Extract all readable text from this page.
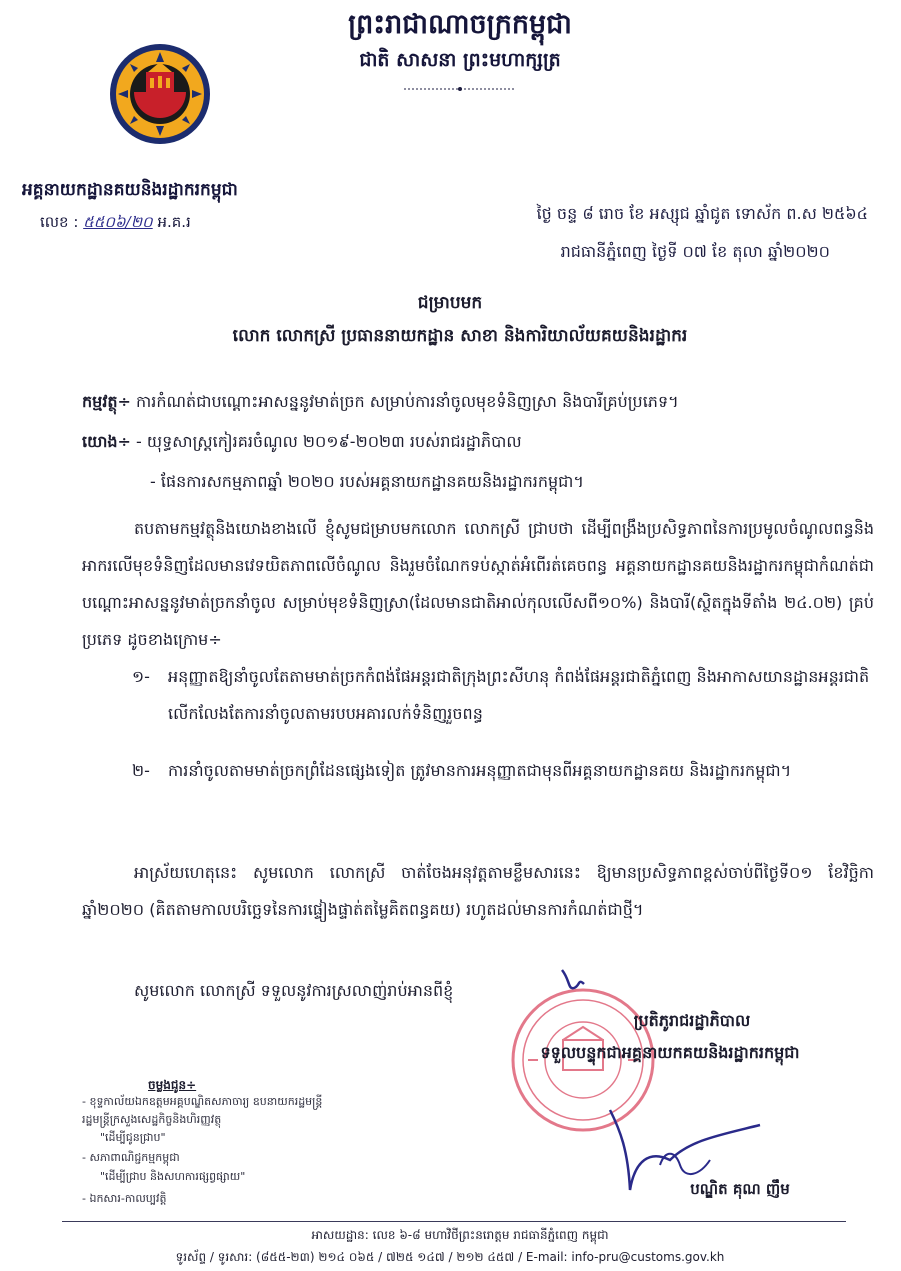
ព្រះរាជាណាចក្រកម្ពុជា
ជាតិ សាសនា ព្រះមហាក្សត្រ
អគ្គនាយកដ្ឋានគយនិងរដ្ឋាករកម្ពុជា
លេខ : ៥៥០៦/២០ អ.គ.រ	ថ្ងៃ ចន្ទ ៨ រោច ខែ អស្សុជ ឆ្នាំជូត ទោស័ក ព.ស ២៥៦៤
រាជធានីភ្នំពេញ ថ្ងៃទី ០៧ ខែ តុលា ឆ្នាំ២០២០
ជម្រាបមក
លោក លោកស្រី ប្រធាននាយកដ្ឋាន សាខា និងការិយាល័យគយនិងរដ្ឋាករ
កម្មវត្ថុ÷ ការកំណត់ជាបណ្ដោះអាសន្ននូវមាត់ច្រក សម្រាប់ការនាំចូលមុខទំនិញស្រា និងបារីគ្រប់ប្រភេទ។
យោង÷ - យុទ្ធសាស្ត្រកៀរគរចំណូល ២០១៩-២០២៣ របស់រាជរដ្ឋាភិបាល
- ផែនការសកម្មភាពឆ្នាំ ២០២០ របស់អគ្គនាយកដ្ឋានគយនិងរដ្ឋាករកម្ពុជា។
តបតាមកម្មវត្ថុនិងយោងខាងលើ ខ្ញុំសូមជម្រាបមកលោក លោកស្រី ជ្រាបថា ដើម្បីពង្រឹងប្រសិទ្ធភាពនៃការប្រមូលចំណូលពន្ធនិងអាករលើមុខទំនិញដែលមានវេទយិតភាពលើចំណូល និងរួមចំណែកទប់ស្កាត់អំពើរត់គេចពន្ធ អគ្គនាយកដ្ឋានគយនិងរដ្ឋាករកម្ពុជាកំណត់ជាបណ្ដោះអាសន្ននូវមាត់ច្រកនាំចូល សម្រាប់មុខទំនិញស្រា(ដែលមានជាតិអាល់កុលលើសពី១០%) និងបារី(ស្ថិតក្នុងទីតាំង ២៤.០២) គ្រប់ប្រភេទ ដូចខាងក្រោម÷
១- អនុញ្ញាតឱ្យនាំចូលតែតាមមាត់ច្រកកំពង់ផែអន្តរជាតិក្រុងព្រះសីហនុ កំពង់ផែអន្តរជាតិភ្នំពេញ និងអាកាសយានដ្ឋានអន្តរជាតិ លើកលែងតែការនាំចូលតាមរបបអគារលក់ទំនិញរួចពន្ធ
២- ការនាំចូលតាមមាត់ច្រកព្រំដែនផ្សេងទៀត ត្រូវមានការអនុញ្ញាតជាមុនពីអគ្គនាយកដ្ឋានគយ និងរដ្ឋាករកម្ពុជា។
អាស្រ័យហេតុនេះ សូមលោក លោកស្រី ចាត់ចែងអនុវត្តតាមខ្លឹមសារនេះ ឱ្យមានប្រសិទ្ធភាពខ្ពស់ចាប់ពីថ្ងៃទី០១ ខែវិច្ឆិកា ឆ្នាំ២០២០ (គិតតាមកាលបរិច្ឆេទនៃការផ្ទៀងផ្ទាត់តម្លៃគិតពន្ធគយ) រហូតដល់មានការកំណត់ជាថ្មី។
សូមលោក លោកស្រី ទទួលនូវការស្រលាញ់រាប់អានពីខ្ញុំ
ប្រតិភូរាជរដ្ឋាភិបាល
ទទួលបន្ទុកជាអគ្គនាយកគយនិងរដ្ឋាករកម្ពុជា
បណ្ឌិត គុណ ញឹម
ចម្លងជូន÷
- ខុទ្ទកាល័យឯកឧត្តមអគ្គបណ្ឌិតសភាចារ្យ ឧបនាយករដ្ឋមន្ត្រី
រដ្ឋមន្ត្រីក្រសួងសេដ្ឋកិច្ចនិងហិរញ្ញវត្ថុ
"ដើម្បីជូនជ្រាប"
- សភាពាណិជ្ជកម្មកម្ពុជា
"ដើម្បីជ្រាប និងសហការផ្សព្វផ្សាយ"
- ឯកសារ-កាលប្បវត្តិ
អាសយដ្ឋាន: លេខ ៦-៨ មហាវិថីព្រះនរោត្តម រាជធានីភ្នំពេញ កម្ពុជា
ទូរស័ព្ទ / ទូរសារ: (៨៥៥-២៣) ២១៤ ០៦៥ / ៧២៥ ១៤៧ / ២១២ ៤៥៧ / E-mail: info-pru@customs.gov.kh
